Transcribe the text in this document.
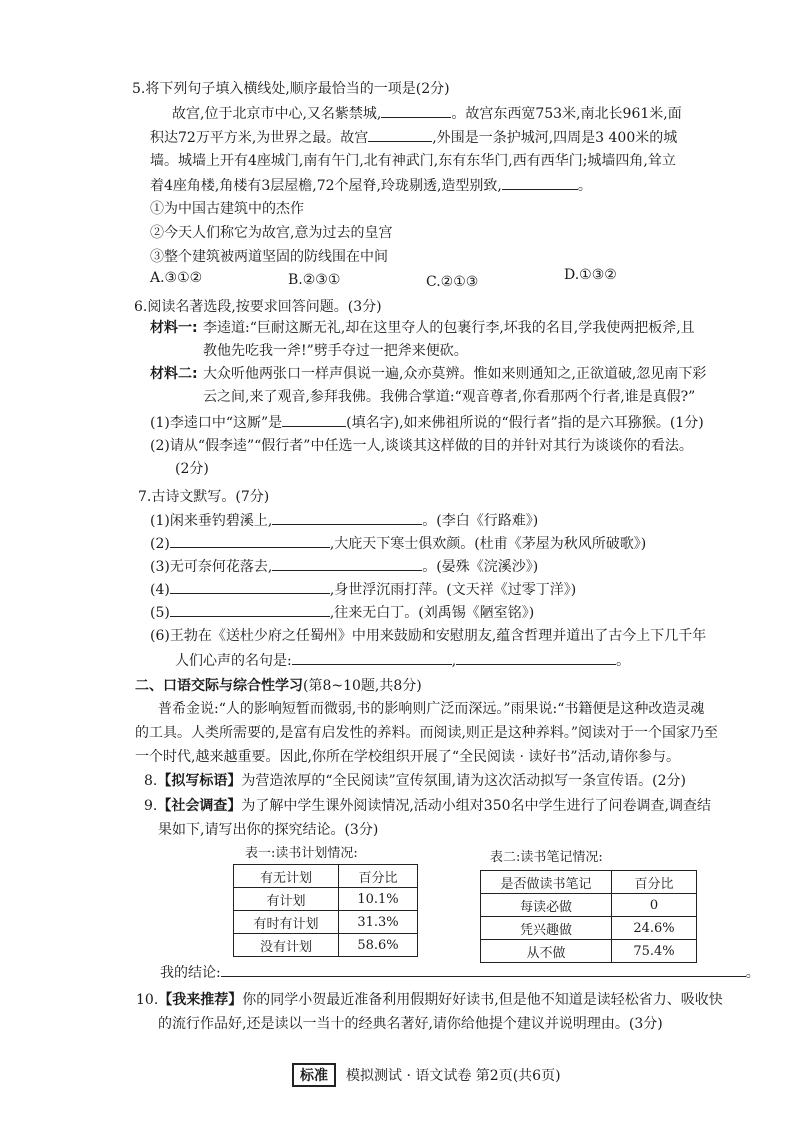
5.将下列句子填入横线处,顺序最恰当的一项是(2分)
故宫,位于北京市中心,又名紫禁城,	。故宫东西宽753米,南北长961米,面
积达72万平方米,为世界之最。故宫	,外围是一条护城河,四周是3 400米的城
墙。城墙上开有4座城门,南有午门,北有神武门,东有东华门,西有西华门;城墙四角,耸立
着4座角楼,角楼有3层屋檐,72个屋脊,玲珑剔透,造型别致,	。
①为中国古建筑中的杰作
②今天人们称它为故宫,意为过去的皇宫
③整个建筑被两道坚固的防线围在中间
A.③①②	B.②③①	C.②①③	D.①③②
6.阅读名著选段,按要求回答问题。(3分)
材料一: 李逵道:“巨耐这厮无礼,却在这里夺人的包裹行李,坏我的名目,学我使两把板斧,且
教他先吃我一斧!”劈手夺过一把斧来便砍。
材料二: 大众听他两张口一样声俱说一遍,众亦莫辨。惟如来则通知之,正欲道破,忽见南下彩
云之间,来了观音,参拜我佛。我佛合掌道:“观音尊者,你看那两个行者,谁是真假?”
(1)李逵口中“这厮”是	(填名字),如来佛祖所说的“假行者”指的是六耳猕猴。(1分)
(2)请从“假李逵”“假行者”中任选一人,谈谈其这样做的目的并针对其行为谈谈你的看法。
(2分)
7.古诗文默写。(7分)
(1)闲来垂钓碧溪上,	。(李白《行路难》)
(2)	,大庇天下寒士俱欢颜。(杜甫《茅屋为秋风所破歌》)
(3)无可奈何花落去,	。(晏殊《浣溪沙》)
(4)	,身世浮沉雨打萍。(文天祥《过零丁洋》)
(5)	,往来无白丁。(刘禹锡《陋室铭》)
(6)王勃在《送杜少府之任蜀州》中用来鼓励和安慰朋友,蕴含哲理并道出了古今上下几千年
人们心声的名句是:	,	。
二、口语交际与综合性学习(第8~10题,共8分)
普希金说:“人的影响短暂而微弱,书的影响则广泛而深远。”雨果说:“书籍便是这种改造灵魂
的工具。人类所需要的,是富有启发性的养料。而阅读,则正是这种养料。”阅读对于一个国家乃至
一个时代,越来越重要。因此,你所在学校组织开展了“全民阅读 · 读好书”活动,请你参与。
8.【拟写标语】为营造浓厚的“全民阅读”宣传氛围,请为这次活动拟写一条宣传语。(2分)
9.【社会调查】为了解中学生课外阅读情况,活动小组对350名中学生进行了问卷调查,调查结
果如下,请写出你的探究结论。(3分)
表一:读书计划情况:
有无计划	百分比
有计划	10.1%
有时有计划	31.3%
没有计划	58.6%
表二:读书笔记情况:
是否做读书笔记	百分比
每读必做	0
凭兴趣做	24.6%
从不做	75.4%
我的结论:	。
10.【我来推荐】你的同学小贺最近准备利用假期好好读书,但是他不知道是读轻松省力、吸收快
的流行作品好,还是读以一当十的经典名著好,请你给他提个建议并说明理由。(3分)
标准 模拟测试 · 语文试卷 第2页(共6页)
